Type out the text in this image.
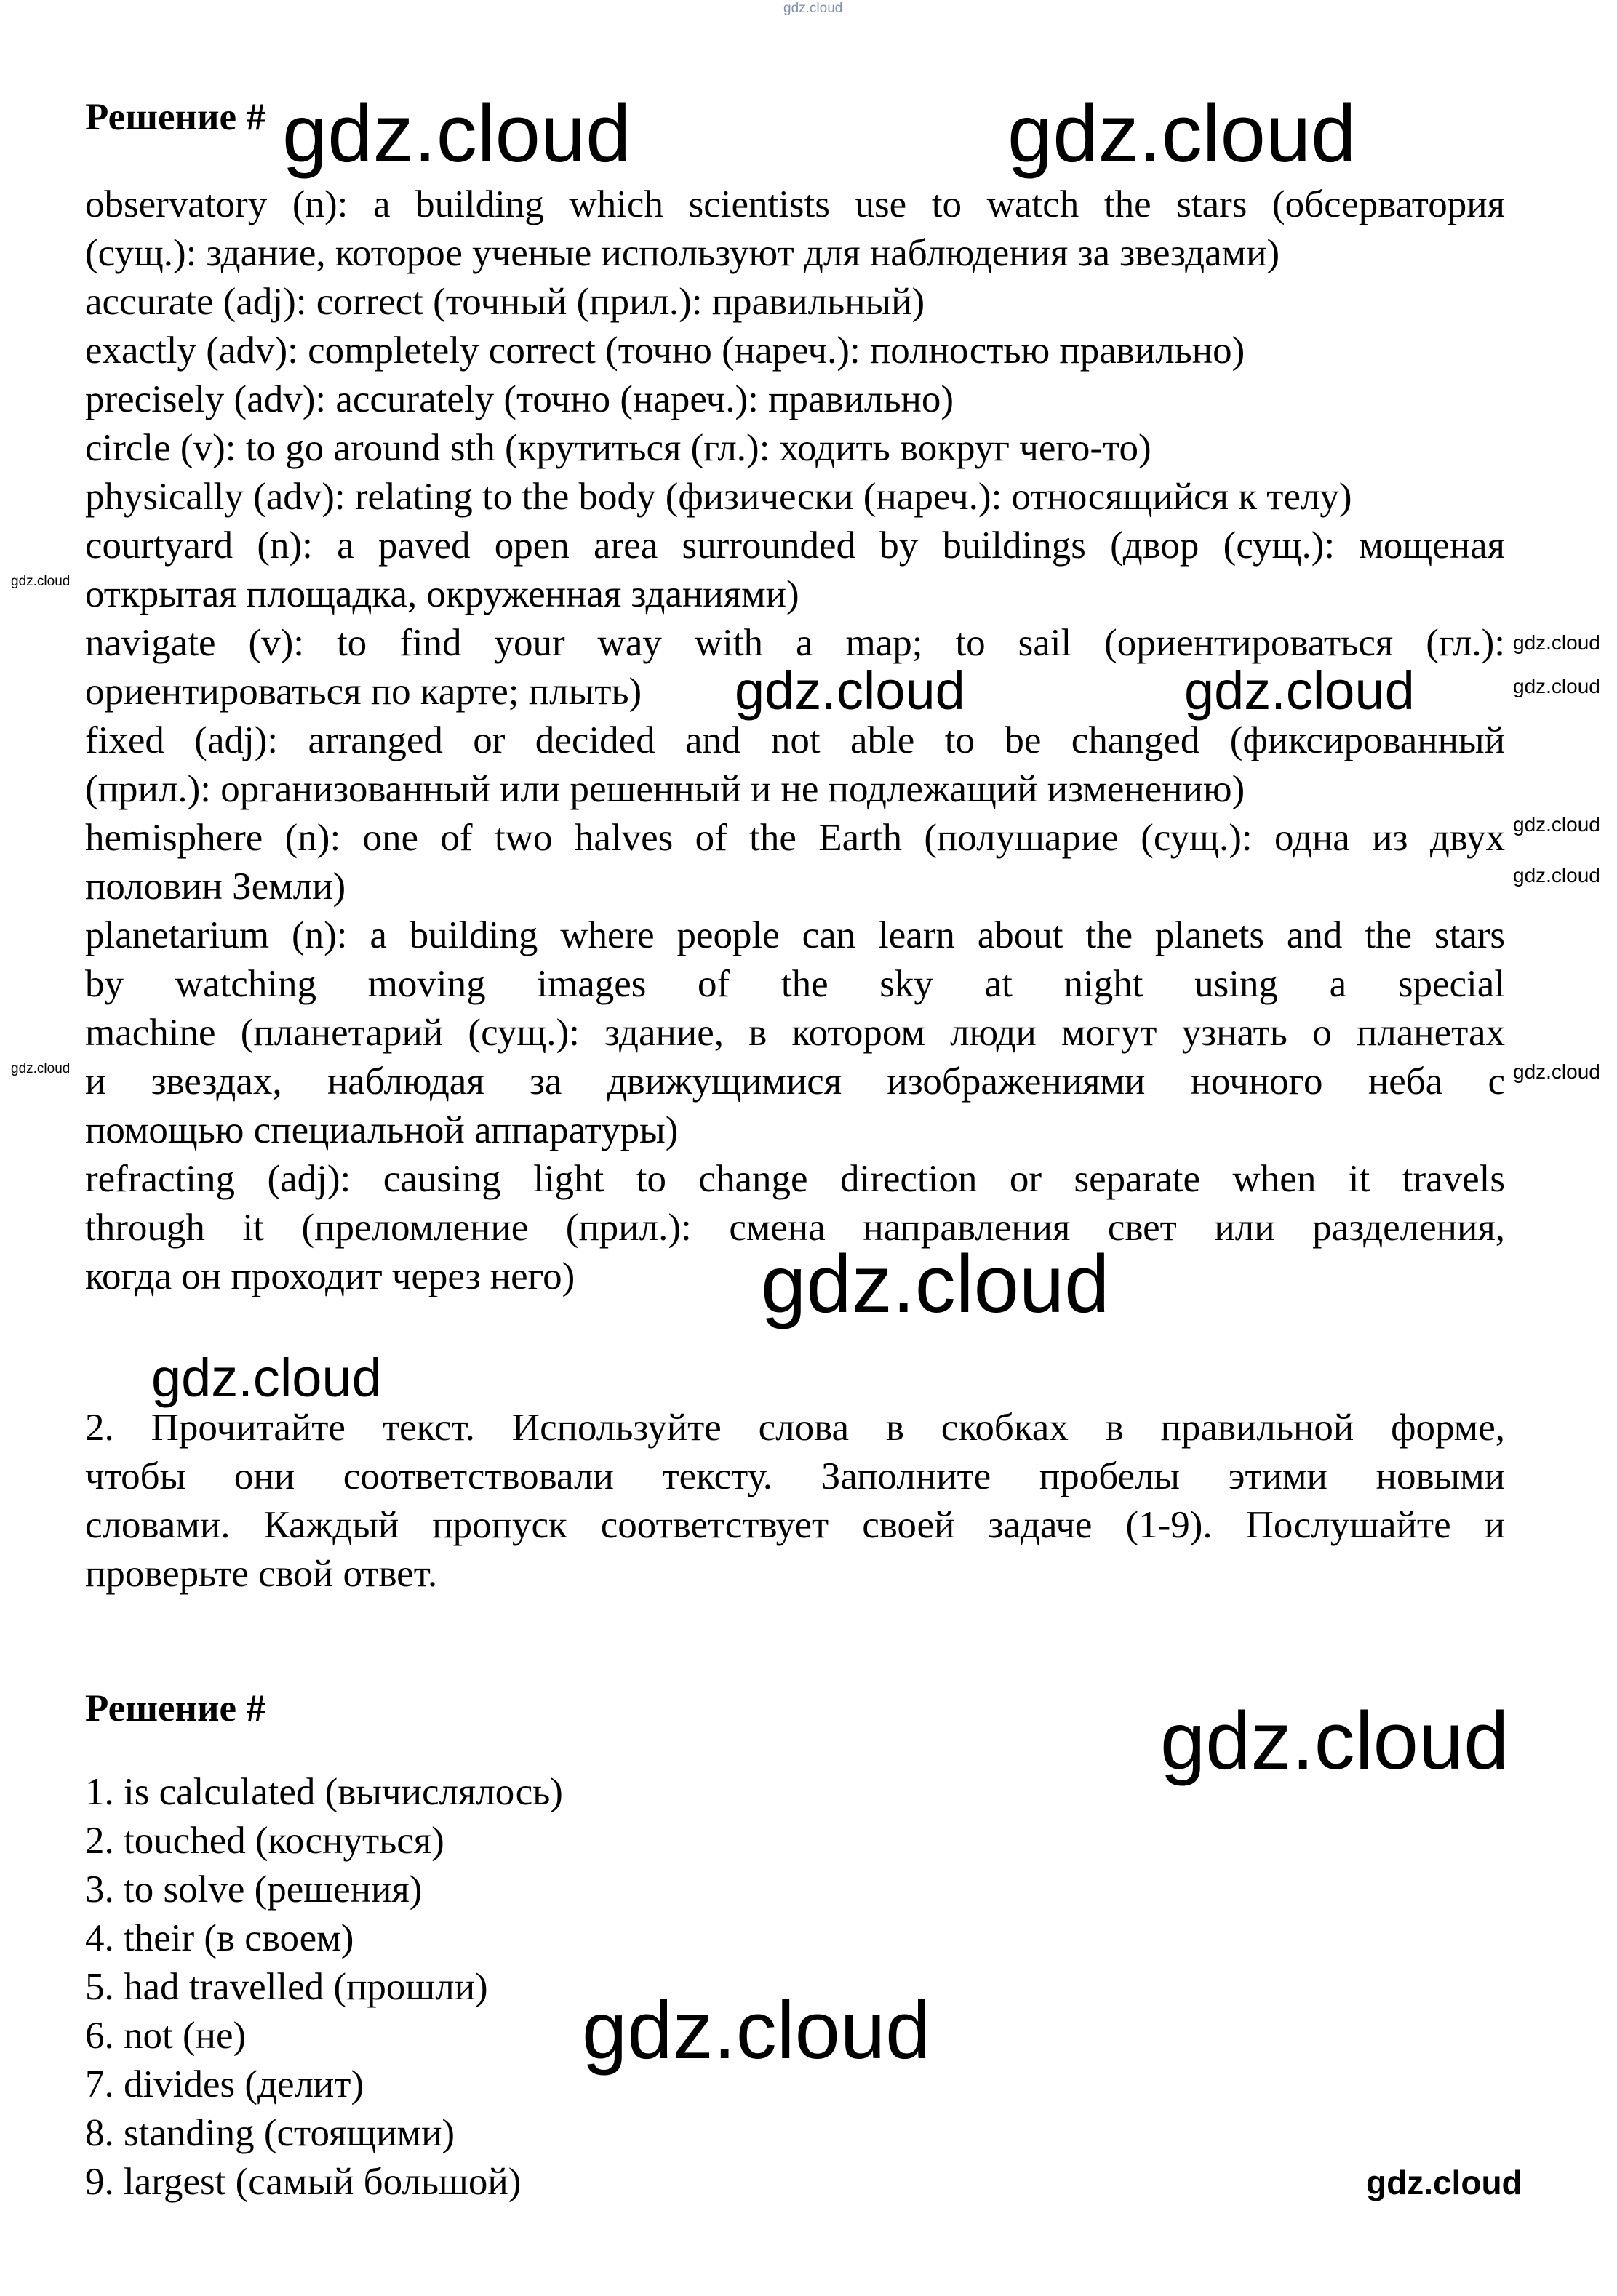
Решение #
observatory (n): a building which scientists use to watch the stars (обсерватория
(сущ.): здание, которое ученые используют для наблюдения за звездами)
accurate (adj): correct (точный (прил.): правильный)
exactly (adv): completely correct (точно (нареч.): полностью правильно)
precisely (adv): accurately (точно (нареч.): правильно)
circle (v): to go around sth (крутиться (гл.): ходить вокруг чего-то)
physically (adv): relating to the body (физически (нареч.): относящийся к телу)
courtyard (n): a paved open area surrounded by buildings (двор (сущ.): мощеная
открытая площадка, окруженная зданиями)
navigate (v): to find your way with a map; to sail (ориентироваться (гл.):
ориентироваться по карте; плыть)
fixed (adj): arranged or decided and not able to be changed (фиксированный
(прил.): организованный или решенный и не подлежащий изменению)
hemisphere (n): one of two halves of the Earth (полушарие (сущ.): одна из двух
половин Земли)
planetarium (n): a building where people can learn about the planets and the stars
by watching moving images of the sky at night using a special
machine (планетарий (сущ.): здание, в котором люди могут узнать о планетах
и звездах, наблюдая за движущимися изображениями ночного неба с
помощью специальной аппаратуры)
refracting (adj): causing light to change direction or separate when it travels
through it (преломление (прил.): смена направления свет или разделения,
когда он проходит через него)
2. Прочитайте текст. Используйте слова в скобках в правильной форме,
чтобы они соответствовали тексту. Заполните пробелы этими новыми
словами. Каждый пропуск соответствует своей задаче (1-9). Послушайте и
проверьте свой ответ.
Решение #
1. is calculated (вычислялось)
2. touched (коснуться)
3. to solve (решения)
4. their (в своем)
5. had travelled (прошли)
6. not (не)
7. divides (делит)
8. standing (стоящими)
9. largest (самый большой)
gdz.cloud
gdz.cloud	gdz.cloud
gdz.cloud
gdz.cloud
gdz.cloud
gdz.cloud	gdz.cloud
gdz.cloud
gdz.cloud
gdz.cloud	gdz.cloud
gdz.cloud
gdz.cloud
gdz.cloud
gdz.cloud
gdz.cloud
